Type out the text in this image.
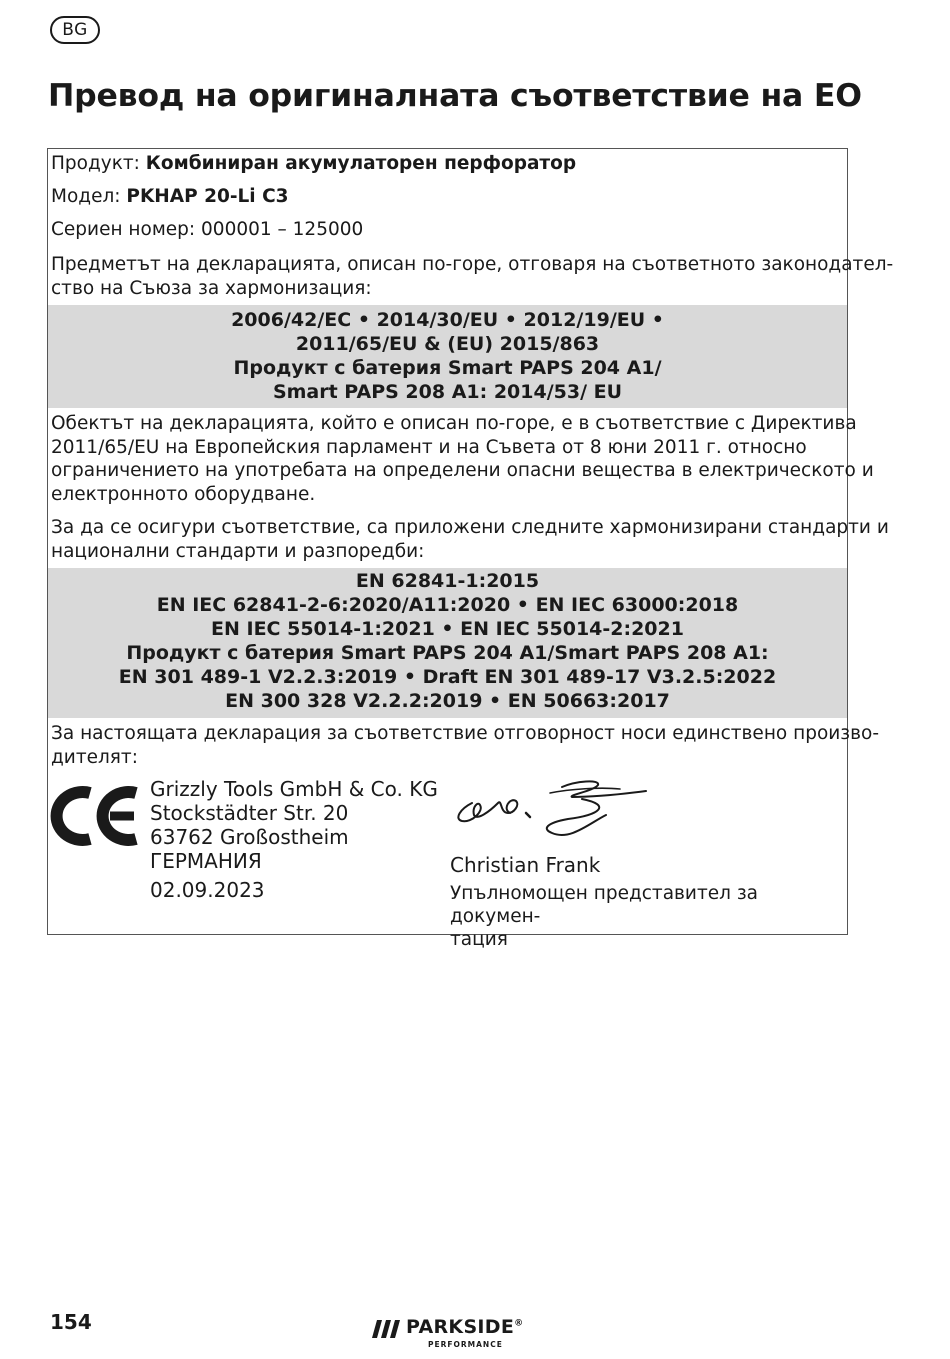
BG
Превод на оригиналната съответствие на ЕО

Продукт: Комбиниран акумулаторен перфоратор

Модел: PKHAP 20-Li C3

Сериен номер: 000001 – 125000

Предметът на декларацията, описан по-горе, отговаря на съответното законодател-
ство на Съюза за хармонизация:
2006/42/EC • 2014/30/EU • 2012/19/EU •
2011/65/EU & (EU) 2015/863
Продукт с батерия Smart PAPS 204 A1/
Smart PAPS 208 A1: 2014/53/ EU
Обектът на декларацията, който е описан по-горе, е в съответствие с Директива
2011/65/EU на Европейския парламент и на Съвета от 8 юни 2011 г. относно
ограничението на употребата на определени опасни вещества в електрическото и
електронното оборудване.
За да се осигури съответствие, са приложени следните хармонизирани стандарти и
национални стандарти и разпоредби:
EN 62841-1:2015
EN IEC 62841-2-6:2020/A11:2020 • EN IEC 63000:2018
EN IEC 55014-1:2021 • EN IEC 55014-2:2021
Продукт с батерия Smart PAPS 204 A1/Smart PAPS 208 A1:
EN 301 489-1 V2.2.3:2019 • Draft EN 301 489-17 V3.2.5:2022
EN 300 328 V2.2.2:2019 • EN 50663:2017
За настоящата декларация за съответствие отговорност носи единствено произво-
дителят:
Grizzly Tools GmbH & Co. KG
Stockstädter Str. 20
63762 Großostheim
ГЕРМАНИЯ
02.09.2023
Christian Frank
Упълномощен представител за докумен-
тация
154	PARKSIDE®
PERFORMANCE
